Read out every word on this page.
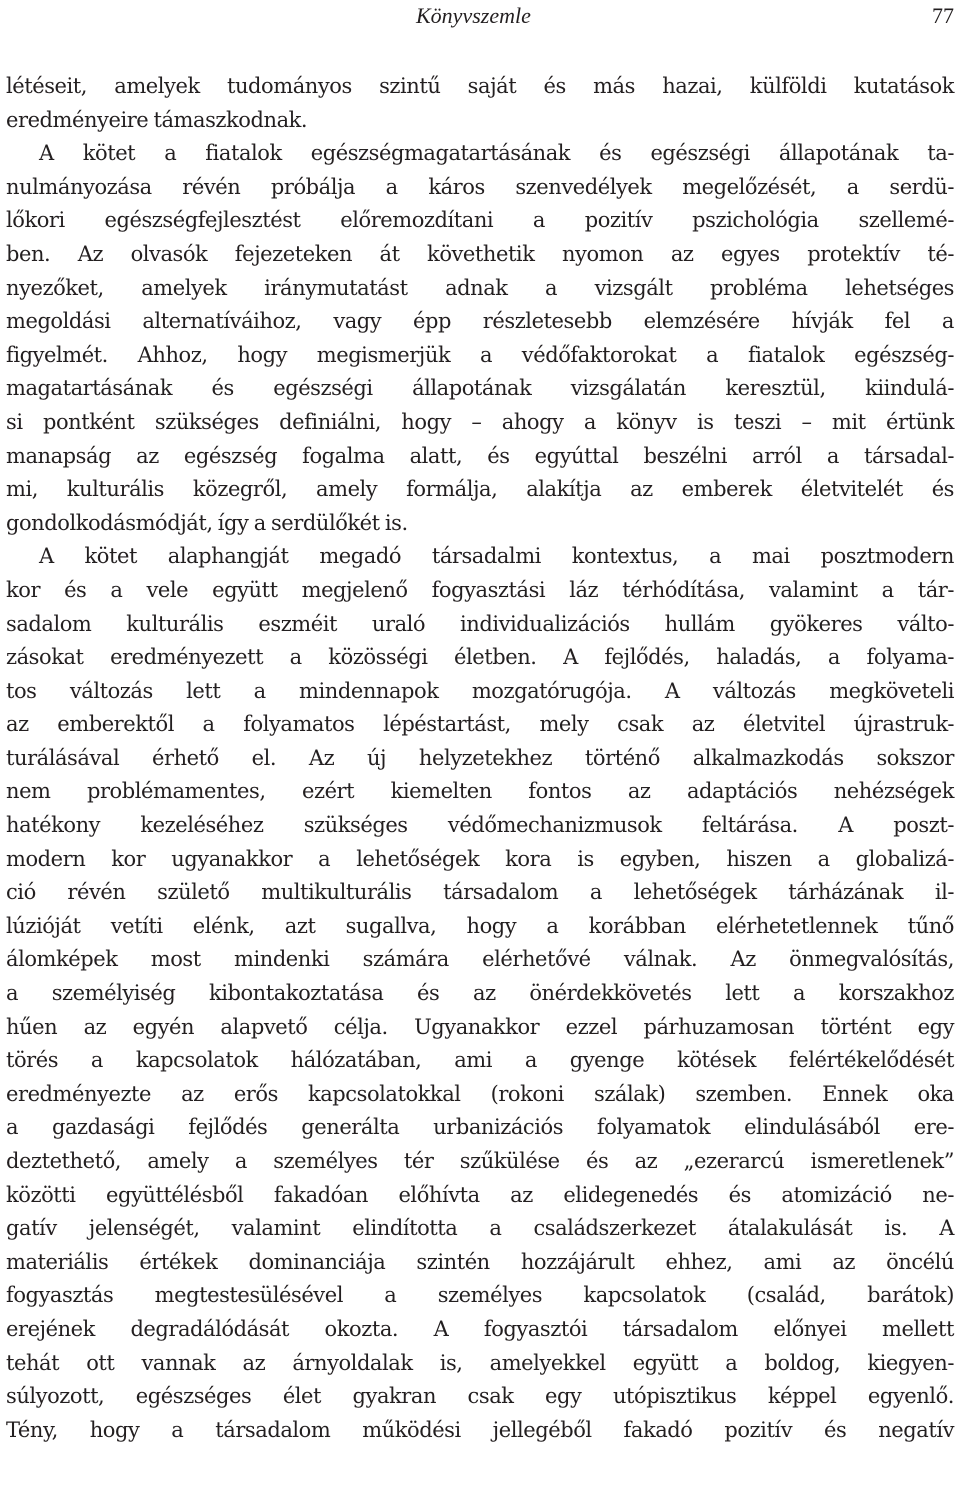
Könyvszemle	77
létéseit, amelyek tudományos szintű saját és más hazai, külföldi kutatások
eredményeire támaszkodnak.
A kötet a fiatalok egészségmagatartásának és egészségi állapotának ta-
nulmányozása révén próbálja a káros szenvedélyek megelőzését, a serdü-
lőkori egészségfejlesztést előremozdítani a pozitív pszichológia szellemé-
ben. Az olvasók fejezeteken át követhetik nyomon az egyes protektív té-
nyezőket, amelyek iránymutatást adnak a vizsgált probléma lehetséges
megoldási alternatíváihoz, vagy épp részletesebb elemzésére hívják fel a
figyelmét. Ahhoz, hogy megismerjük a védőfaktorokat a fiatalok egészség-
magatartásának és egészségi állapotának vizsgálatán keresztül, kiindulá-
si pontként szükséges definiálni, hogy – ahogy a könyv is teszi – mit értünk
manapság az egészség fogalma alatt, és egyúttal beszélni arról a társadal-
mi, kulturális közegről, amely formálja, alakítja az emberek életvitelét és
gondolkodásmódját, így a serdülőkét is.
A kötet alaphangját megadó társadalmi kontextus, a mai posztmodern
kor és a vele együtt megjelenő fogyasztási láz térhódítása, valamint a tár-
sadalom kulturális eszméit uraló individualizációs hullám gyökeres válto-
zásokat eredményezett a közösségi életben. A fejlődés, haladás, a folyama-
tos változás lett a mindennapok mozgatórugója. A változás megköveteli
az emberektől a folyamatos lépéstartást, mely csak az életvitel újrastruk-
turálásával érhető el. Az új helyzetekhez történő alkalmazkodás sokszor
nem problémamentes, ezért kiemelten fontos az adaptációs nehézségek
hatékony kezeléséhez szükséges védőmechanizmusok feltárása. A poszt-
modern kor ugyanakkor a lehetőségek kora is egyben, hiszen a globalizá-
ció révén születő multikulturális társadalom a lehetőségek tárházának il-
lúzióját vetíti elénk, azt sugallva, hogy a korábban elérhetetlennek tűnő
álomképek most mindenki számára elérhetővé válnak. Az önmegvalósítás,
a személyiség kibontakoztatása és az önérdekkövetés lett a korszakhoz
hűen az egyén alapvető célja. Ugyanakkor ezzel párhuzamosan történt egy
törés a kapcsolatok hálózatában, ami a gyenge kötések felértékelődését
eredményezte az erős kapcsolatokkal (rokoni szálak) szemben. Ennek oka
a gazdasági fejlődés generálta urbanizációs folyamatok elindulásából ere-
deztethető, amely a személyes tér szűkülése és az „ezerarcú ismeretlenek”
közötti együttélésből fakadóan előhívta az elidegenedés és atomizáció ne-
gatív jelenségét, valamint elindította a családszerkezet átalakulását is. A
materiális értékek dominanciája szintén hozzájárult ehhez, ami az öncélú
fogyasztás megtestesülésével a személyes kapcsolatok (család, barátok)
erejének degradálódását okozta. A fogyasztói társadalom előnyei mellett
tehát ott vannak az árnyoldalak is, amelyekkel együtt a boldog, kiegyen-
súlyozott, egészséges élet gyakran csak egy utópisztikus képpel egyenlő.
Tény, hogy a társadalom működési jellegéből fakadó pozitív és negatív
